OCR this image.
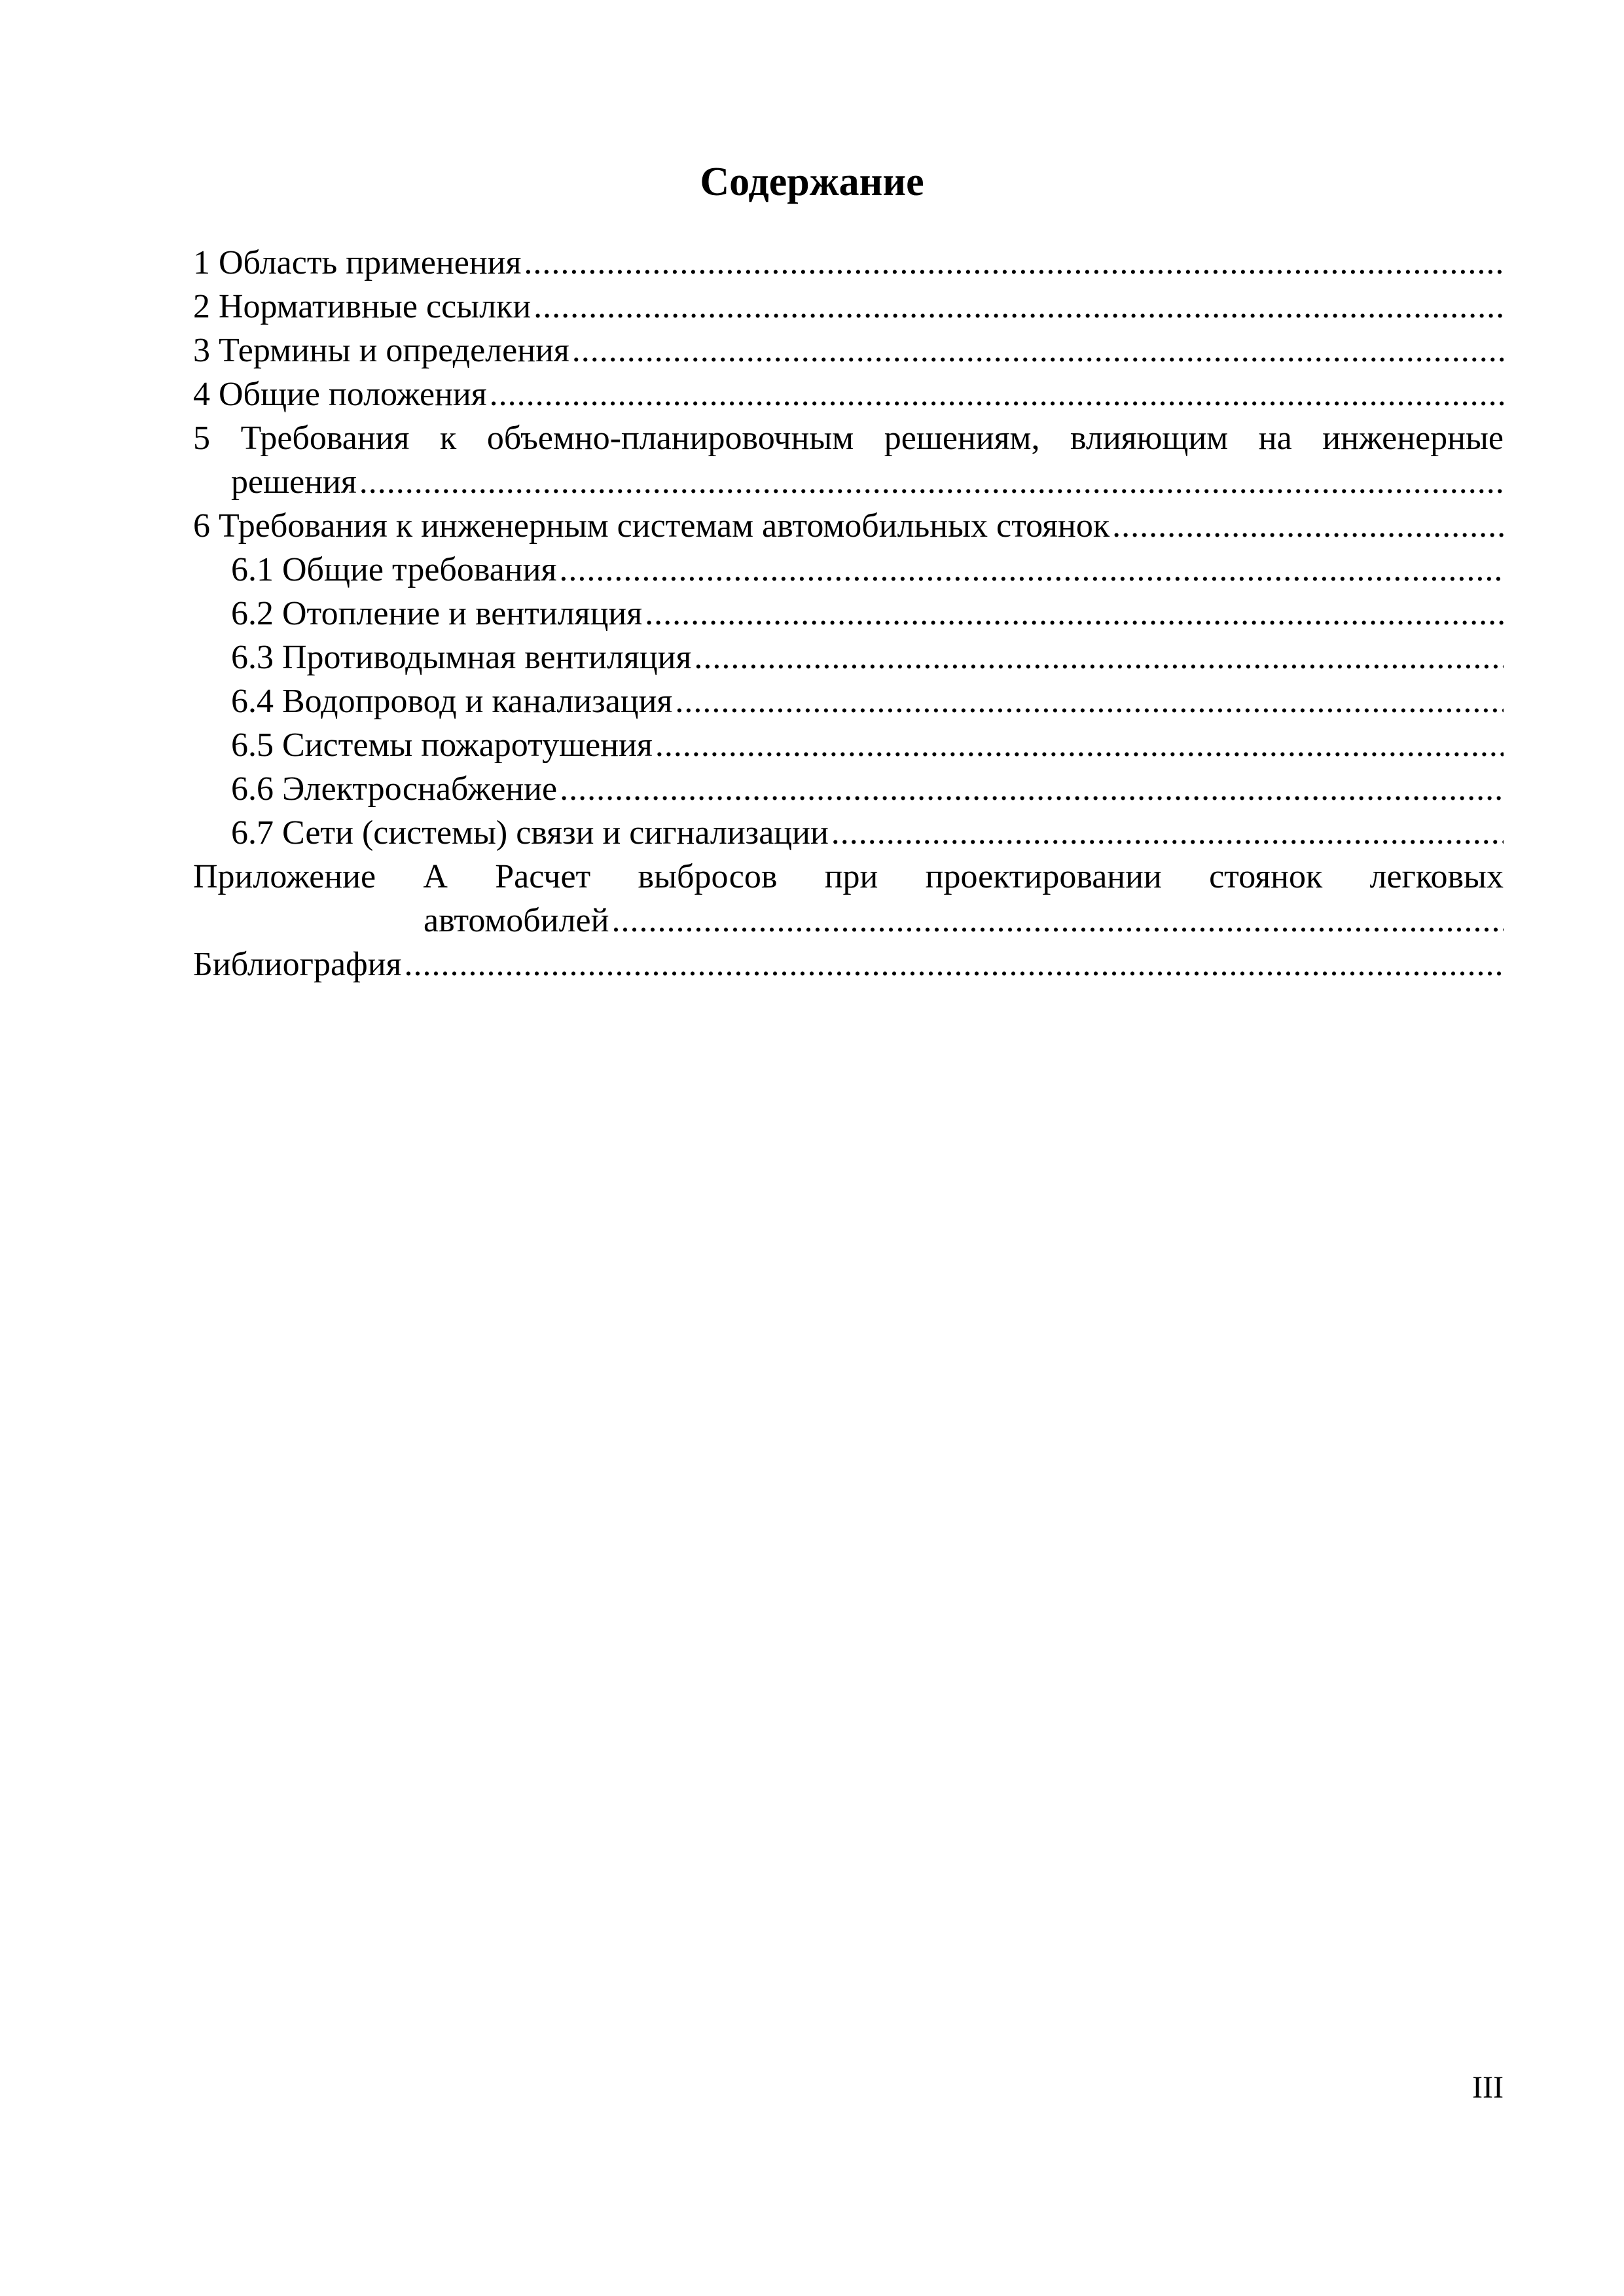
Содержание
1 Область применения
.....
2 Нормативные ссылки
.....
3 Термины и определения
.....
4 Общие положения
.....
5 Требования к объемно-планировочным решениям, влияющим на инженерные
решения
.....
6 Требования к инженерным системам автомобильных стоянок
.....
6.1 Общие требования
.....
6.2 Отопление и вентиляция
.....
6.3 Противодымная вентиляция
.....
6.4 Водопровод и канализация
.....
6.5 Системы пожаротушения
.....
6.6 Электроснабжение
.....
6.7 Сети (системы) связи и сигнализации
.....
Приложение А Расчет выбросов при проектировании стоянок легковых
автомобилей
.....
Библиография
.....
III
